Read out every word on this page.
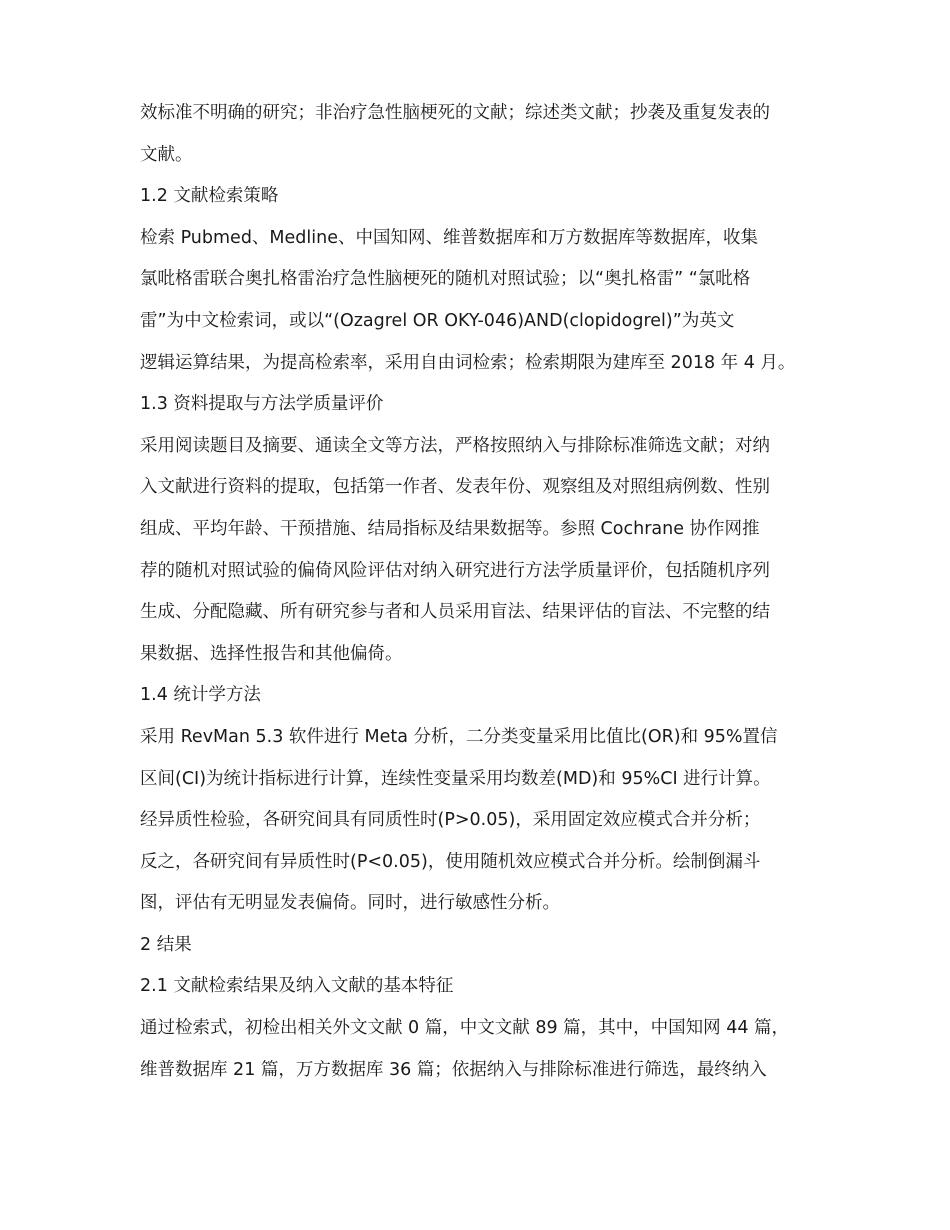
效标准不明确的研究；非治疗急性脑梗死的文献；综述类文献；抄袭及重复发表的
文献。
1.2 文献检索策略
检索 Pubmed、Medline、中国知网、维普数据库和万方数据库等数据库，收集
氯吡格雷联合奥扎格雷治疗急性脑梗死的随机对照试验；以“奥扎格雷” “氯吡格
雷”为中文检索词，或以“(Ozagrel OR OKY-046)AND(clopidogrel)”为英文
逻辑运算结果，为提高检索率，采用自由词检索；检索期限为建库至 2018 年 4 月。
1.3 资料提取与方法学质量评价
采用阅读题目及摘要、通读全文等方法，严格按照纳入与排除标准筛选文献；对纳
入文献进行资料的提取，包括第一作者、发表年份、观察组及对照组病例数、性别
组成、平均年龄、干预措施、结局指标及结果数据等。参照 Cochrane 协作网推
荐的随机对照试验的偏倚风险评估对纳入研究进行方法学质量评价，包括随机序列
生成、分配隐藏、所有研究参与者和人员采用盲法、结果评估的盲法、不完整的结
果数据、选择性报告和其他偏倚。
1.4 统计学方法
采用 RevMan 5.3 软件进行 Meta 分析，二分类变量采用比值比(OR)和 95%置信
区间(CI)为统计指标进行计算，连续性变量采用均数差(MD)和 95%CI 进行计算。
经异质性检验，各研究间具有同质性时(P>0.05)，采用固定效应模式合并分析；
反之，各研究间有异质性时(P<0.05)，使用随机效应模式合并分析。绘制倒漏斗
图，评估有无明显发表偏倚。同时，进行敏感性分析。
2 结果
2.1 文献检索结果及纳入文献的基本特征
通过检索式，初检出相关外文文献 0 篇，中文文献 89 篇，其中，中国知网 44 篇，
维普数据库 21 篇，万方数据库 36 篇；依据纳入与排除标准进行筛选，最终纳入
